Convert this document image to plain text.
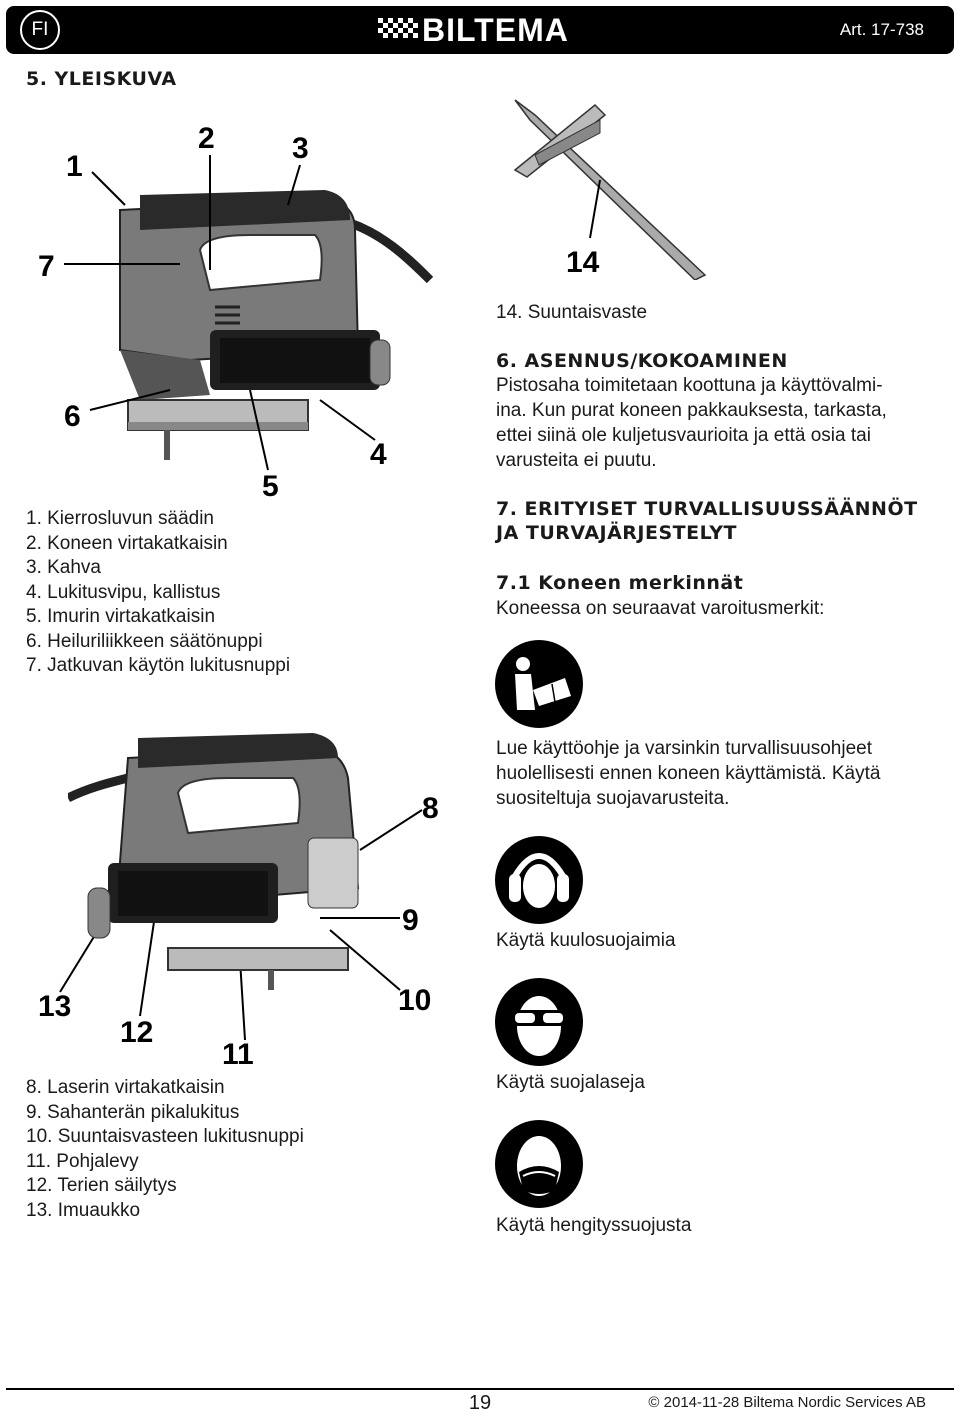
FI	BILTEMA	Art. 17-738
5. YLEISKUVA
1
2	3
4
5
6
7	14
1. Kierrosluvun säädin
2. Koneen virtakatkaisin
3. Kahva
4. Lukitusvipu, kallistus
5. Imurin virtakatkaisin
6. Heiluriliikkeen säätönuppi
7. Jatkuvan käytön lukitusnuppi
14. Suuntaisvaste
6. ASENNUS/KOKOAMINEN
Pistosaha toimitetaan koottuna ja käyttövalmi-
ina. Kun purat koneen pakkauksesta, tarkasta,
ettei siinä ole kuljetusvaurioita ja että osia tai
varusteita ei puutu.
7. ERITYISET TURVALLISUUSSÄÄNNÖT
JA TURVAJÄRJESTELYT
7.1 Koneen merkinnät
Koneessa on seuraavat varoitusmerkit:
Lue käyttöohje ja varsinkin turvallisuusohjeet
huolellisesti ennen koneen käyttämistä. Käytä
suositeltuja suojavarusteita.
Käytä kuulosuojaimia
Käytä suojalaseja
Käytä hengityssuojusta
8
9
10
11
12
13
8. Laserin virtakatkaisin
9. Sahanterän pikalukitus
10. Suuntaisvasteen lukitusnuppi
11. Pohjalevy
12. Terien säilytys
13. Imuaukko
19	© 2014-11-28 Biltema Nordic Services AB
